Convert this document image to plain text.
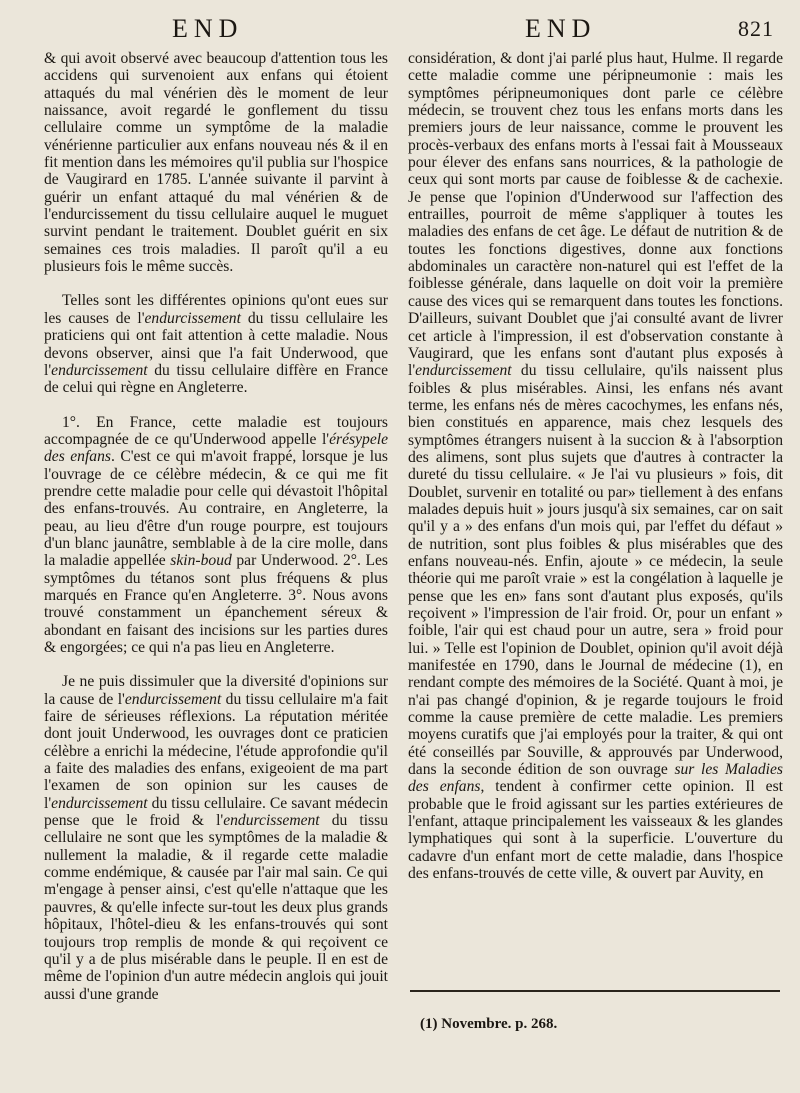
END	END	821

& qui avoit observé avec beaucoup d'attention tous les accidens qui survenoient aux enfans qui étoient attaqués du mal vénérien dès le moment de leur naissance, avoit regardé le gonflement du tissu cellulaire comme un symptôme de la maladie vénérienne particulier aux enfans nouveau nés & il en fit mention dans les mémoires qu'il publia sur l'hospice de Vaugirard en 1785. L'année suivante il parvint à guérir un enfant attaqué du mal vénérien & de l'endurcissement du tissu cellulaire auquel le muguet survint pendant le traitement. Doublet guérit en six semaines ces trois maladies. Il paroît qu'il a eu plusieurs fois le même succès.

Telles sont les différentes opinions qu'ont eues sur les causes de l'endurcissement du tissu cellulaire les praticiens qui ont fait attention à cette maladie. Nous devons observer, ainsi que l'a fait Underwood, que l'endurcissement du tissu cellulaire diffère en France de celui qui règne en Angleterre.

1°. En France, cette maladie est toujours accompagnée de ce qu'Underwood appelle l'érésypele des enfans. C'est ce qui m'avoit frappé, lorsque je lus l'ouvrage de ce célèbre médecin, & ce qui me fit prendre cette maladie pour celle qui dévastoit l'hôpital des enfans-trouvés. Au contraire, en Angleterre, la peau, au lieu d'être d'un rouge pourpre, est toujours d'un blanc jaunâtre, semblable à de la cire molle, dans la maladie appellée skin-boud par Underwood. 2°. Les symptômes du tétanos sont plus fréquens & plus marqués en France qu'en Angleterre. 3°. Nous avons trouvé constamment un épanchement séreux & abondant en faisant des incisions sur les parties dures & engorgées; ce qui n'a pas lieu en Angleterre.

Je ne puis dissimuler que la diversité d'opinions sur la cause de l'endurcissement du tissu cellulaire m'a fait faire de sérieuses réflexions. La réputation méritée dont jouit Underwood, les ouvrages dont ce praticien célèbre a enrichi la médecine, l'étude approfondie qu'il a faite des maladies des enfans, exigeoient de ma part l'examen de son opinion sur les causes de l'endurcissement du tissu cellulaire. Ce savant médecin pense que le froid & l'endurcissement du tissu cellulaire ne sont que les symptômes de la maladie & nullement la maladie, & il regarde cette maladie comme endémique, & causée par l'air mal sain. Ce qui m'engage à penser ainsi, c'est qu'elle n'attaque que les pauvres, & qu'elle infecte sur-tout les deux plus grands hôpitaux, l'hôtel-dieu & les enfans-trouvés qui sont toujours trop remplis de monde & qui reçoivent ce qu'il y a de plus misérable dans le peuple. Il en est de même de l'opinion d'un autre médecin anglois qui jouit aussi d'une grande

considération, & dont j'ai parlé plus haut, Hulme. Il regarde cette maladie comme une péripneumonie : mais les symptômes péripneumoniques dont parle ce célèbre médecin, se trouvent chez tous les enfans morts dans les premiers jours de leur naissance, comme le prouvent les procès-verbaux des enfans morts à l'essai fait à Mousseaux pour élever des enfans sans nourrices, & la pathologie de ceux qui sont morts par cause de foiblesse & de cachexie. Je pense que l'opinion d'Underwood sur l'affection des entrailles, pourroit de même s'appliquer à toutes les maladies des enfans de cet âge. Le défaut de nutrition & de toutes les fonctions digestives, donne aux fonctions abdominales un caractère non-naturel qui est l'effet de la foiblesse générale, dans laquelle on doit voir la première cause des vices qui se remarquent dans toutes les fonctions. D'ailleurs, suivant Doublet que j'ai consulté avant de livrer cet article à l'impression, il est d'observation constante à Vaugirard, que les enfans sont d'autant plus exposés à l'endurcissement du tissu cellulaire, qu'ils naissent plus foibles & plus misérables. Ainsi, les enfans nés avant terme, les enfans nés de mères cacochymes, les enfans nés, bien constitués en apparence, mais chez lesquels des symptômes étrangers nuisent à la succion & à l'absorption des alimens, sont plus sujets que d'autres à contracter la dureté du tissu cellulaire. « Je l'ai vu plusieurs » fois, dit Doublet, survenir en totalité ou par» tiellement à des enfans malades depuis huit » jours jusqu'à six semaines, car on sait qu'il y a » des enfans d'un mois qui, par l'effet du défaut » de nutrition, sont plus foibles & plus misérables que des enfans nouveau-nés. Enfin, ajoute » ce médecin, la seule théorie qui me paroît vraie » est la congélation à laquelle je pense que les en» fans sont d'autant plus exposés, qu'ils reçoivent » l'impression de l'air froid. Or, pour un enfant » foible, l'air qui est chaud pour un autre, sera » froid pour lui. » Telle est l'opinion de Doublet, opinion qu'il avoit déjà manifestée en 1790, dans le Journal de médecine (1), en rendant compte des mémoires de la Société. Quant à moi, je n'ai pas changé d'opinion, & je regarde toujours le froid comme la cause première de cette maladie. Les premiers moyens curatifs que j'ai employés pour la traiter, & qui ont été conseillés par Souville, & approuvés par Underwood, dans la seconde édition de son ouvrage sur les Maladies des enfans, tendent à confirmer cette opinion. Il est probable que le froid agissant sur les parties extérieures de l'enfant, attaque principalement les vaisseaux & les glandes lymphatiques qui sont à la superficie. L'ouverture du cadavre d'un enfant mort de cette maladie, dans l'hospice des enfans-trouvés de cette ville, & ouvert par Auvity, en

(1) Novembre. p. 268.
